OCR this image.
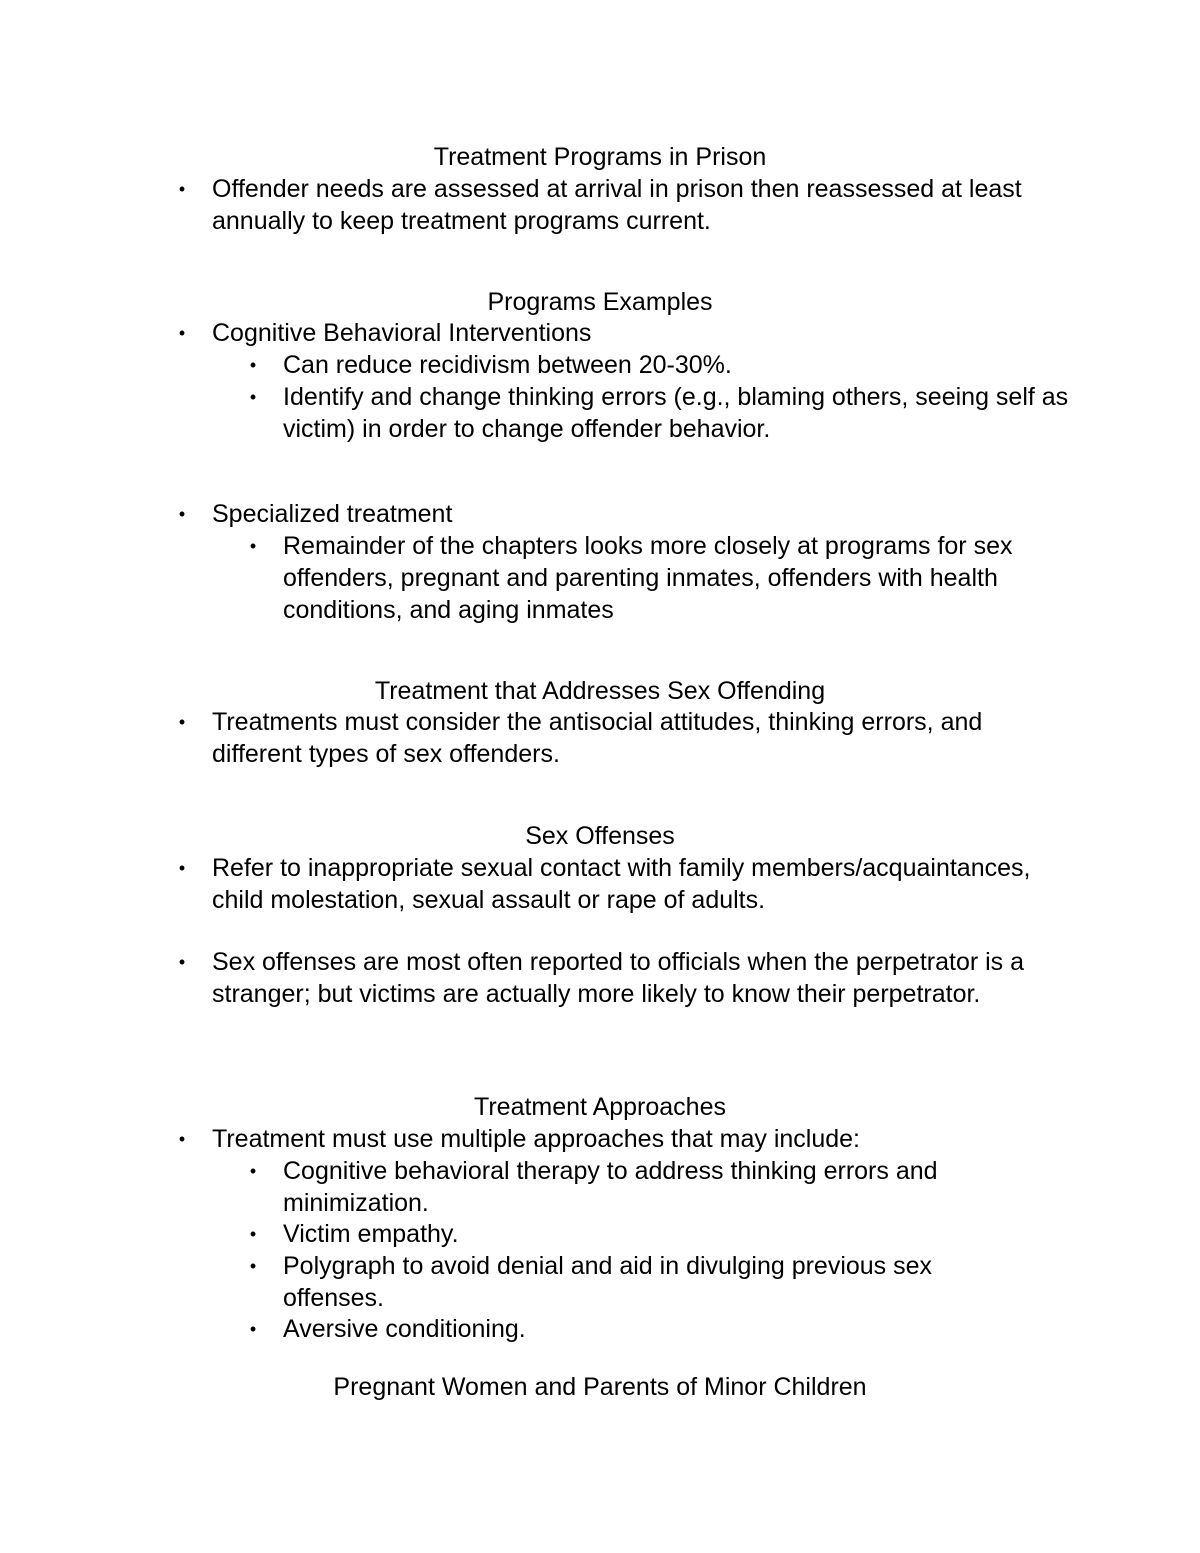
Treatment Programs in Prison
• Offender needs are assessed at arrival in prison then reassessed at least annually to keep treatment programs current.
Programs Examples
• Cognitive Behavioral Interventions
• Can reduce recidivism between 20-30%.
• Identify and change thinking errors (e.g., blaming others, seeing self as victim) in order to change offender behavior.
• Specialized treatment
• Remainder of the chapters looks more closely at programs for sex offenders, pregnant and parenting inmates, offenders with health conditions, and aging inmates
Treatment that Addresses Sex Offending
• Treatments must consider the antisocial attitudes, thinking errors, and different types of sex offenders.
Sex Offenses
• Refer to inappropriate sexual contact with family members/acquaintances, child molestation, sexual assault or rape of adults.
• Sex offenses are most often reported to officials when the perpetrator is a stranger; but victims are actually more likely to know their perpetrator.
Treatment Approaches
• Treatment must use multiple approaches that may include:
• Cognitive behavioral therapy to address thinking errors and minimization.
• Victim empathy.
• Polygraph to avoid denial and aid in divulging previous sex offenses.
• Aversive conditioning.
Pregnant Women and Parents of Minor Children
